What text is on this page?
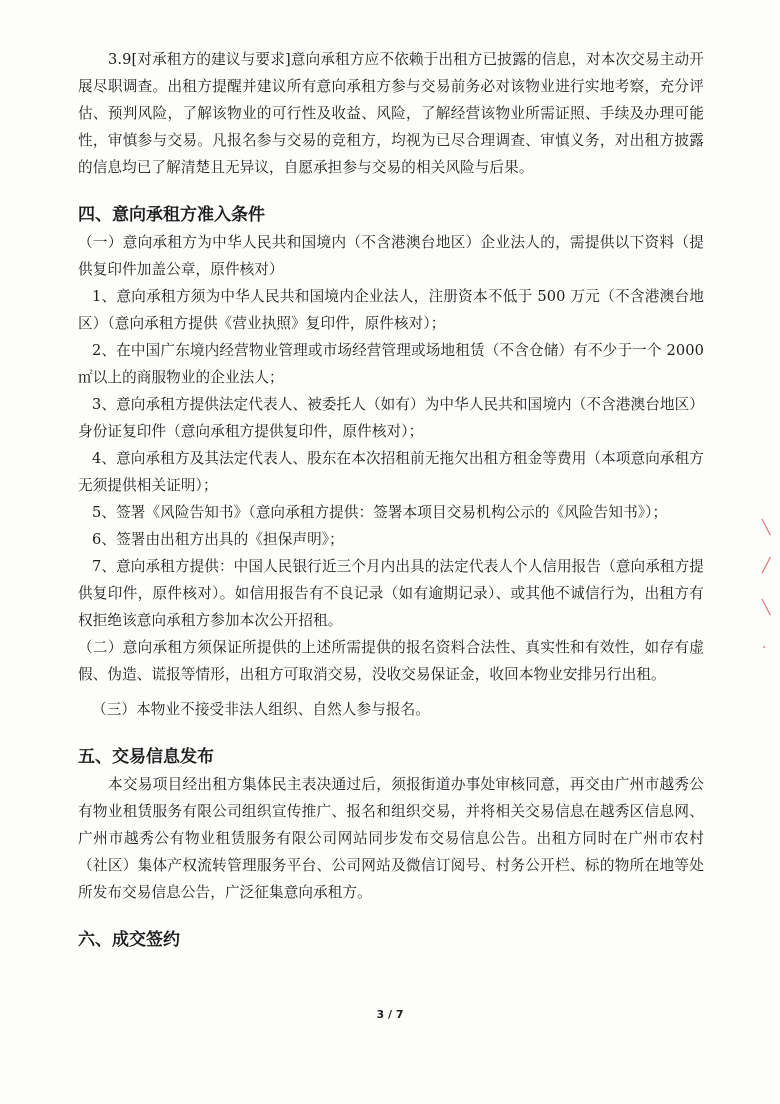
3.9[对承租方的建议与要求]意向承租方应不依赖于出租方已披露的信息，对本次交易主动开展尽职调查。出租方提醒并建议所有意向承租方参与交易前务必对该物业进行实地考察，充分评估、预判风险，了解该物业的可行性及收益、风险，了解经营该物业所需证照、手续及办理可能性，审慎参与交易。凡报名参与交易的竞租方，均视为已尽合理调查、审慎义务，对出租方披露的信息均已了解清楚且无异议，自愿承担参与交易的相关风险与后果。

四、意向承租方准入条件

（一）意向承租方为中华人民共和国境内（不含港澳台地区）企业法人的，需提供以下资料（提供复印件加盖公章，原件核对）

1、意向承租方须为中华人民共和国境内企业法人，注册资本不低于 500 万元（不含港澳台地区）（意向承租方提供《营业执照》复印件，原件核对）；

2、在中国广东境内经营物业管理或市场经营管理或场地租赁（不含仓储）有不少于一个 2000 ㎡以上的商服物业的企业法人；

3、意向承租方提供法定代表人、被委托人（如有）为中华人民共和国境内（不含港澳台地区）身份证复印件（意向承租方提供复印件，原件核对）；

4、意向承租方及其法定代表人、股东在本次招租前无拖欠出租方租金等费用（本项意向承租方无须提供相关证明）；

5、签署《风险告知书》（意向承租方提供：签署本项目交易机构公示的《风险告知书》）；

6、签署由出租方出具的《担保声明》；

7、意向承租方提供：中国人民银行近三个月内出具的法定代表人个人信用报告（意向承租方提供复印件，原件核对）。如信用报告有不良记录（如有逾期记录）、或其他不诚信行为，出租方有权拒绝该意向承租方参加本次公开招租。

（二）意向承租方须保证所提供的上述所需提供的报名资料合法性、真实性和有效性，如存有虚假、伪造、谎报等情形，出租方可取消交易，没收交易保证金，收回本物业安排另行出租。

（三）本物业不接受非法人组织、自然人参与报名。

五、交易信息发布

本交易项目经出租方集体民主表决通过后，须报街道办事处审核同意，再交由广州市越秀公有物业租赁服务有限公司组织宣传推广、报名和组织交易，并将相关交易信息在越秀区信息网、广州市越秀公有物业租赁服务有限公司网站同步发布交易信息公告。出租方同时在广州市农村（社区）集体产权流转管理服务平台、公司网站及微信订阅号、村务公开栏、标的物所在地等处所发布交易信息公告，广泛征集意向承租方。

六、成交签约
3 / 7
╲
╱
╲
·
